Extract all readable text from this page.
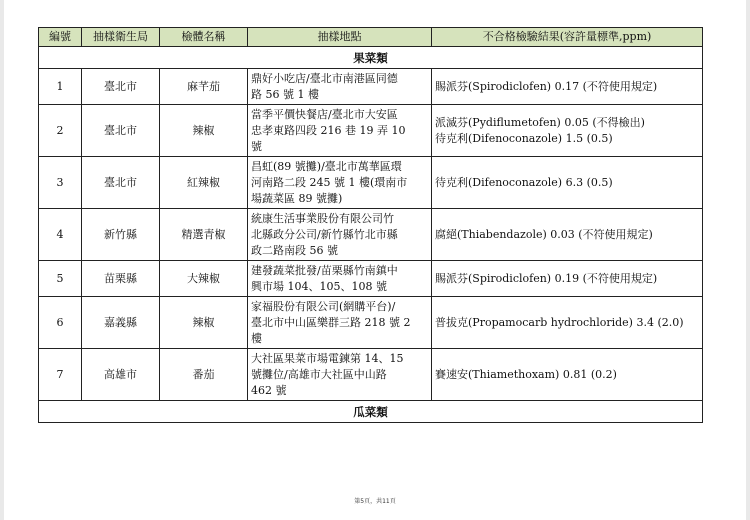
編號	抽樣衛生局	檢體名稱	抽樣地點	不合格檢驗結果(容許量標準,ppm)
果菜類				
1	臺北市	麻芊茄	鼎好小吃店/臺北市南港區同德
路 56 號 1 樓	賜派芬(Spirodiclofen) 0.17 (不符使用規定)

2	臺北市	辣椒	當季平價快餐店/臺北市大安區
忠孝東路四段 216 巷 19 弄 10
號	派滅芬(Pydiflumetofen) 0.05 (不得檢出)
待克利(Difenoconazole) 1.5 (0.5)

3	臺北市	紅辣椒	昌虹(89 號攤)/臺北市萬華區環
河南路二段 245 號 1 樓(環南市
場蔬菜區 89 號攤)	待克利(Difenoconazole) 6.3 (0.5)

4	新竹縣	精選青椒	統康生活事業股份有限公司竹
北縣政分公司/新竹縣竹北市縣
政二路南段 56 號	腐絕(Thiabendazole) 0.03 (不符使用規定)

5	苗栗縣	大辣椒	建發蔬菜批發/苗栗縣竹南鎮中
興市場 104、105、108 號	賜派芬(Spirodiclofen) 0.19 (不符使用規定)

6	嘉義縣	辣椒	家福股份有限公司(網購平台)/
臺北市中山區樂群三路 218 號 2
樓	普拔克(Propamocarb hydrochloride) 3.4 (2.0)

7	高雄市	番茄	大社區果菜市場電鍊第 14、15
號攤位/高雄市大社區中山路
462 號	賽速安(Thiamethoxam) 0.81 (0.2)

瓜菜類				
第5頁，共11頁
